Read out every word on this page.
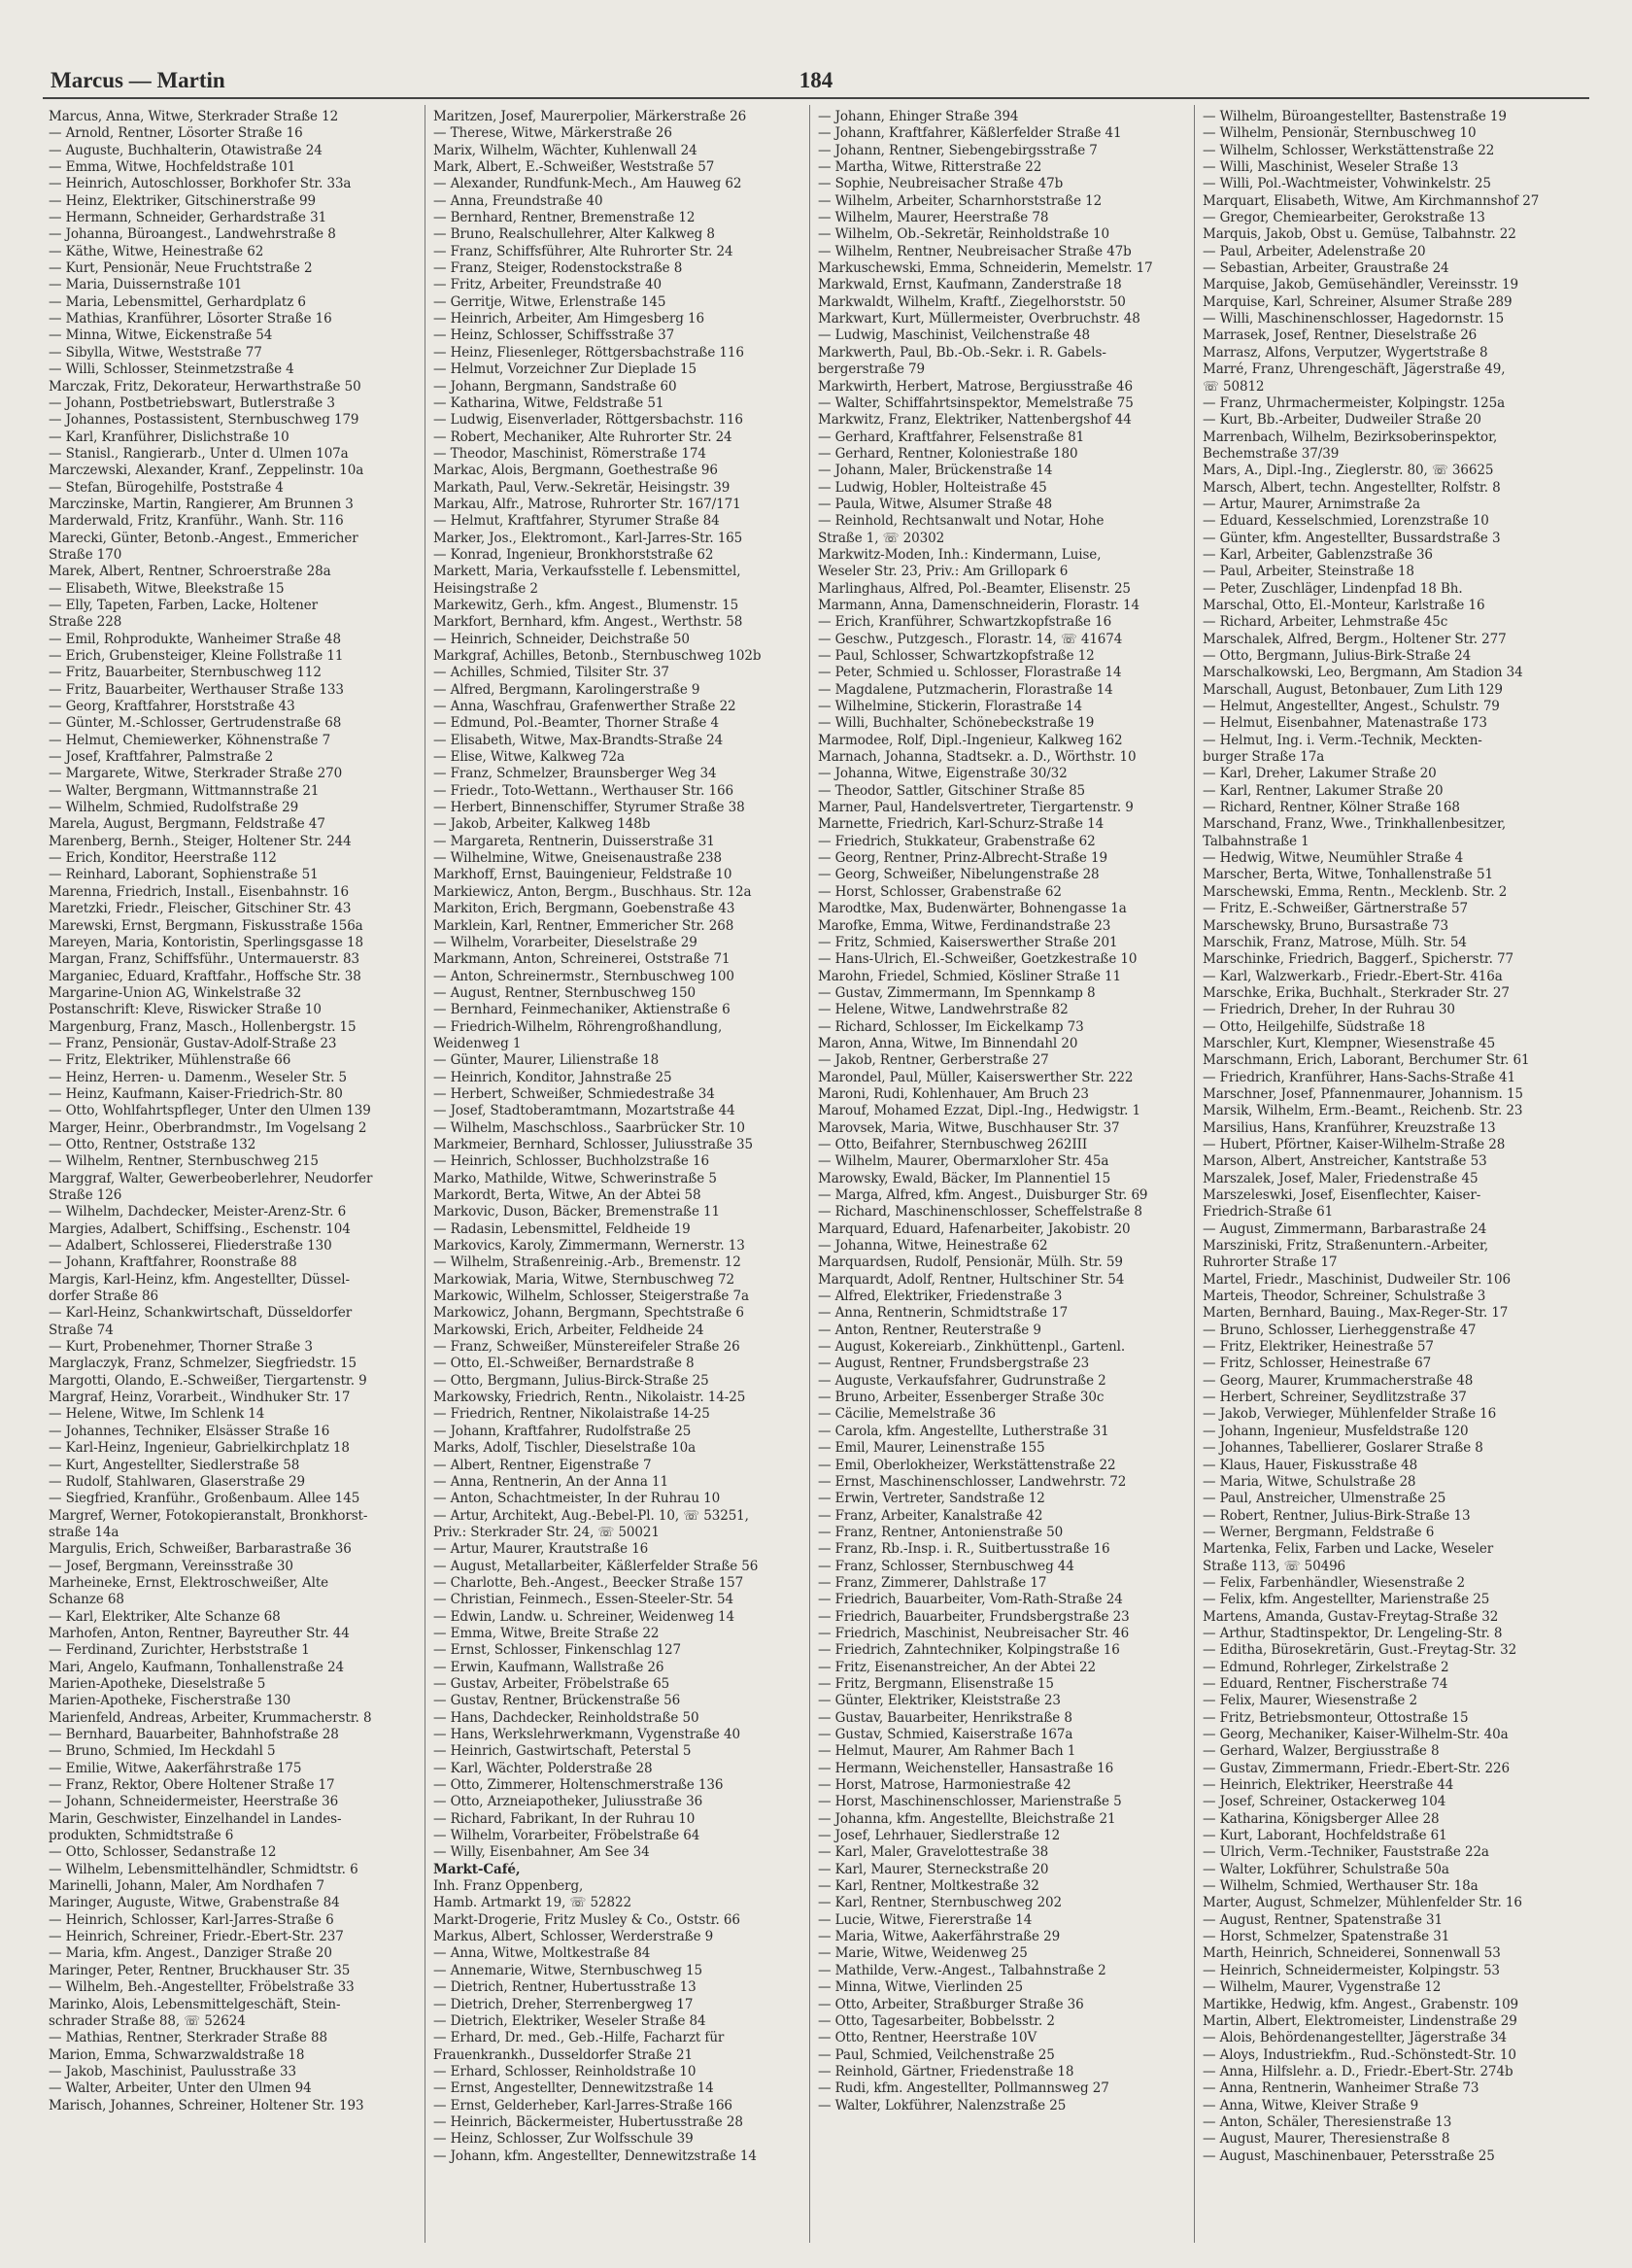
Marcus — Martin	184
Marcus, Anna, Witwe, Sterkrader Straße 12
— Arnold, Rentner, Lösorter Straße 16
— Auguste, Buchhalterin, Otawistraße 24
— Emma, Witwe, Hochfeldstraße 101
— Heinrich, Autoschlosser, Borkhofer Str. 33a
— Heinz, Elektriker, Gitschinerstraße 99
— Hermann, Schneider, Gerhardstraße 31
— Johanna, Büroangest., Landwehrstraße 8
— Käthe, Witwe, Heinestraße 62
— Kurt, Pensionär, Neue Fruchtstraße 2
— Maria, Duissernstraße 101
— Maria, Lebensmittel, Gerhardplatz 6
— Mathias, Kranführer, Lösorter Straße 16
— Minna, Witwe, Eickenstraße 54
— Sibylla, Witwe, Weststraße 77
— Willi, Schlosser, Steinmetzstraße 4
Marczak, Fritz, Dekorateur, Herwarthstraße 50
— Johann, Postbetriebswart, Butlerstraße 3
— Johannes, Postassistent, Sternbuschweg 179
— Karl, Kranführer, Dislichstraße 10
— Stanisl., Rangierarb., Unter d. Ulmen 107a
Marczewski, Alexander, Kranf., Zeppelinstr. 10a
— Stefan, Bürogehilfe, Poststraße 4
Marczinske, Martin, Rangierer, Am Brunnen 3
Marderwald, Fritz, Kranführ., Wanh. Str. 116
Marecki, Günter, Betonb.-Angest., Emmericher
Straße 170
Marek, Albert, Rentner, Schroerstraße 28a
— Elisabeth, Witwe, Bleekstraße 15
— Elly, Tapeten, Farben, Lacke, Holtener
Straße 228
— Emil, Rohprodukte, Wanheimer Straße 48
— Erich, Grubensteiger, Kleine Follstraße 11
— Fritz, Bauarbeiter, Sternbuschweg 112
— Fritz, Bauarbeiter, Werthauser Straße 133
— Georg, Kraftfahrer, Horststraße 43
— Günter, M.-Schlosser, Gertrudenstraße 68
— Helmut, Chemiewerker, Köhnenstraße 7
— Josef, Kraftfahrer, Palmstraße 2
— Margarete, Witwe, Sterkrader Straße 270
— Walter, Bergmann, Wittmannstraße 21
— Wilhelm, Schmied, Rudolfstraße 29
Marela, August, Bergmann, Feldstraße 47
Marenberg, Bernh., Steiger, Holtener Str. 244
— Erich, Konditor, Heerstraße 112
— Reinhard, Laborant, Sophienstraße 51
Marenna, Friedrich, Install., Eisenbahnstr. 16
Maretzki, Friedr., Fleischer, Gitschiner Str. 43
Marewski, Ernst, Bergmann, Fiskusstraße 156a
Mareyen, Maria, Kontoristin, Sperlingsgasse 18
Margan, Franz, Schiffsführ., Untermauerstr. 83
Marganiec, Eduard, Kraftfahr., Hoffsche Str. 38
Margarine-Union AG, Winkelstraße 32
Postanschrift: Kleve, Riswicker Straße 10
Margenburg, Franz, Masch., Hollenbergstr. 15
— Franz, Pensionär, Gustav-Adolf-Straße 23
— Fritz, Elektriker, Mühlenstraße 66
— Heinz, Herren- u. Damenm., Weseler Str. 5
— Heinz, Kaufmann, Kaiser-Friedrich-Str. 80
— Otto, Wohlfahrtspfleger, Unter den Ulmen 139
Marger, Heinr., Oberbrandmstr., Im Vogelsang 2
— Otto, Rentner, Oststraße 132
— Wilhelm, Rentner, Sternbuschweg 215
Marggraf, Walter, Gewerbeoberlehrer, Neudorfer
Straße 126
— Wilhelm, Dachdecker, Meister-Arenz-Str. 6
Margies, Adalbert, Schiffsing., Eschenstr. 104
— Adalbert, Schlosserei, Fliederstraße 130
— Johann, Kraftfahrer, Roonstraße 88
Margis, Karl-Heinz, kfm. Angestellter, Düssel-
dorfer Straße 86
— Karl-Heinz, Schankwirtschaft, Düsseldorfer
Straße 74
— Kurt, Probenehmer, Thorner Straße 3
Marglaczyk, Franz, Schmelzer, Siegfriedstr. 15
Margotti, Olando, E.-Schweißer, Tiergartenstr. 9
Margraf, Heinz, Vorarbeit., Windhuker Str. 17
— Helene, Witwe, Im Schlenk 14
— Johannes, Techniker, Elsässer Straße 16
— Karl-Heinz, Ingenieur, Gabrielkirchplatz 18
— Kurt, Angestellter, Siedlerstraße 58
— Rudolf, Stahlwaren, Glaserstraße 29
— Siegfried, Kranführ., Großenbaum. Allee 145
Margref, Werner, Fotokopieranstalt, Bronkhorst-
straße 14a
Margulis, Erich, Schweißer, Barbarastraße 36
— Josef, Bergmann, Vereinsstraße 30
Marheineke, Ernst, Elektroschweißer, Alte
Schanze 68
— Karl, Elektriker, Alte Schanze 68
Marhofen, Anton, Rentner, Bayreuther Str. 44
— Ferdinand, Zurichter, Herbststraße 1
Mari, Angelo, Kaufmann, Tonhallenstraße 24
Marien-Apotheke, Dieselstraße 5
Marien-Apotheke, Fischerstraße 130
Marienfeld, Andreas, Arbeiter, Krummacherstr. 8
— Bernhard, Bauarbeiter, Bahnhofstraße 28
— Bruno, Schmied, Im Heckdahl 5
— Emilie, Witwe, Aakerfährstraße 175
— Franz, Rektor, Obere Holtener Straße 17
— Johann, Schneidermeister, Heerstraße 36
Marin, Geschwister, Einzelhandel in Landes-
produkten, Schmidtstraße 6
— Otto, Schlosser, Sedanstraße 12
— Wilhelm, Lebensmittelhändler, Schmidtstr. 6
Marinelli, Johann, Maler, Am Nordhafen 7
Maringer, Auguste, Witwe, Grabenstraße 84
— Heinrich, Schlosser, Karl-Jarres-Straße 6
— Heinrich, Schreiner, Friedr.-Ebert-Str. 237
— Maria, kfm. Angest., Danziger Straße 20
Maringer, Peter, Rentner, Bruckhauser Str. 35
— Wilhelm, Beh.-Angestellter, Fröbelstraße 33
Marinko, Alois, Lebensmittelgeschäft, Stein-
schrader Straße 88, ☏ 52624
— Mathias, Rentner, Sterkrader Straße 88
Marion, Emma, Schwarzwaldstraße 18
— Jakob, Maschinist, Paulusstraße 33
— Walter, Arbeiter, Unter den Ulmen 94
Marisch, Johannes, Schreiner, Holtener Str. 193
Maritzen, Josef, Maurerpolier, Märkerstraße 26
— Therese, Witwe, Märkerstraße 26
Marix, Wilhelm, Wächter, Kuhlenwall 24
Mark, Albert, E.-Schweißer, Weststraße 57
— Alexander, Rundfunk-Mech., Am Hauweg 62
— Anna, Freundstraße 40
— Bernhard, Rentner, Bremenstraße 12
— Bruno, Realschullehrer, Alter Kalkweg 8
— Franz, Schiffsführer, Alte Ruhrorter Str. 24
— Franz, Steiger, Rodenstockstraße 8
— Fritz, Arbeiter, Freundstraße 40
— Gerritje, Witwe, Erlenstraße 145
— Heinrich, Arbeiter, Am Himgesberg 16
— Heinz, Schlosser, Schiffsstraße 37
— Heinz, Fliesenleger, Röttgersbachstraße 116
— Helmut, Vorzeichner Zur Dieplade 15
— Johann, Bergmann, Sandstraße 60
— Katharina, Witwe, Feldstraße 51
— Ludwig, Eisenverlader, Röttgersbachstr. 116
— Robert, Mechaniker, Alte Ruhrorter Str. 24
— Theodor, Maschinist, Römerstraße 174
Markac, Alois, Bergmann, Goethestraße 96
Markath, Paul, Verw.-Sekretär, Heisingstr. 39
Markau, Alfr., Matrose, Ruhrorter Str. 167/171
— Helmut, Kraftfahrer, Styrumer Straße 84
Marker, Jos., Elektromont., Karl-Jarres-Str. 165
— Konrad, Ingenieur, Bronkhorststraße 62
Markett, Maria, Verkaufsstelle f. Lebensmittel,
Heisingstraße 2
Markewitz, Gerh., kfm. Angest., Blumenstr. 15
Markfort, Bernhard, kfm. Angest., Werthstr. 58
— Heinrich, Schneider, Deichstraße 50
Markgraf, Achilles, Betonb., Sternbuschweg 102b
— Achilles, Schmied, Tilsiter Str. 37
— Alfred, Bergmann, Karolingerstraße 9
— Anna, Waschfrau, Grafenwerther Straße 22
— Edmund, Pol.-Beamter, Thorner Straße 4
— Elisabeth, Witwe, Max-Brandts-Straße 24
— Elise, Witwe, Kalkweg 72a
— Franz, Schmelzer, Braunsberger Weg 34
— Friedr., Toto-Wettann., Werthauser Str. 166
— Herbert, Binnenschiffer, Styrumer Straße 38
— Jakob, Arbeiter, Kalkweg 148b
— Margareta, Rentnerin, Duisserstraße 31
— Wilhelmine, Witwe, Gneisenaustraße 238
Markhoff, Ernst, Bauingenieur, Feldstraße 10
Markiewicz, Anton, Bergm., Buschhaus. Str. 12a
Markiton, Erich, Bergmann, Goebenstraße 43
Marklein, Karl, Rentner, Emmericher Str. 268
— Wilhelm, Vorarbeiter, Dieselstraße 29
Markmann, Anton, Schreinerei, Oststraße 71
— Anton, Schreinermstr., Sternbuschweg 100
— August, Rentner, Sternbuschweg 150
— Bernhard, Feinmechaniker, Aktienstraße 6
— Friedrich-Wilhelm, Röhrengroßhandlung,
Weidenweg 1
— Günter, Maurer, Lilienstraße 18
— Heinrich, Konditor, Jahnstraße 25
— Herbert, Schweißer, Schmiedestraße 34
— Josef, Stadtoberamtmann, Mozartstraße 44
— Wilhelm, Maschschloss., Saarbrücker Str. 10
Markmeier, Bernhard, Schlosser, Juliusstraße 35
— Heinrich, Schlosser, Buchholzstraße 16
Marko, Mathilde, Witwe, Schwerinstraße 5
Markordt, Berta, Witwe, An der Abtei 58
Markovic, Duson, Bäcker, Bremenstraße 11
— Radasin, Lebensmittel, Feldheide 19
Markovics, Karoly, Zimmermann, Wernerstr. 13
— Wilhelm, Straßenreinig.-Arb., Bremenstr. 12
Markowiak, Maria, Witwe, Sternbuschweg 72
Markowic, Wilhelm, Schlosser, Steigerstraße 7a
Markowicz, Johann, Bergmann, Spechtstraße 6
Markowski, Erich, Arbeiter, Feldheide 24
— Franz, Schweißer, Münstereifeler Straße 26
— Otto, El.-Schweißer, Bernardstraße 8
— Otto, Bergmann, Julius-Birck-Straße 25
Markowsky, Friedrich, Rentn., Nikolaistr. 14-25
— Friedrich, Rentner, Nikolaistraße 14-25
— Johann, Kraftfahrer, Rudolfstraße 25
Marks, Adolf, Tischler, Dieselstraße 10a
— Albert, Rentner, Eigenstraße 7
— Anna, Rentnerin, An der Anna 11
— Anton, Schachtmeister, In der Ruhrau 10
— Artur, Architekt, Aug.-Bebel-Pl. 10, ☏ 53251,
Priv.: Sterkrader Str. 24, ☏ 50021
— Artur, Maurer, Krautstraße 16
— August, Metallarbeiter, Käßlerfelder Straße 56
— Charlotte, Beh.-Angest., Beecker Straße 157
— Christian, Feinmech., Essen-Steeler-Str. 54
— Edwin, Landw. u. Schreiner, Weidenweg 14
— Emma, Witwe, Breite Straße 22
— Ernst, Schlosser, Finkenschlag 127
— Erwin, Kaufmann, Wallstraße 26
— Gustav, Arbeiter, Fröbelstraße 65
— Gustav, Rentner, Brückenstraße 56
— Hans, Dachdecker, Reinholdstraße 50
— Hans, Werkslehrwerkmann, Vygenstraße 40
— Heinrich, Gastwirtschaft, Peterstal 5
— Karl, Wächter, Polderstraße 28
— Otto, Zimmerer, Holtenschmerstraße 136
— Otto, Arzneiapotheker, Juliusstraße 36
— Richard, Fabrikant, In der Ruhrau 10
— Wilhelm, Vorarbeiter, Fröbelstraße 64
— Willy, Eisenbahner, Am See 34
Markt-Café,
Inh. Franz Oppenberg,
Hamb. Artmarkt 19, ☏ 52822
Markt-Drogerie, Fritz Musley & Co., Oststr. 66
Markus, Albert, Schlosser, Werderstraße 9
— Anna, Witwe, Moltkestraße 84
— Annemarie, Witwe, Sternbuschweg 15
— Dietrich, Rentner, Hubertusstraße 13
— Dietrich, Dreher, Sterrenbergweg 17
— Dietrich, Elektriker, Weseler Straße 84
— Erhard, Dr. med., Geb.-Hilfe, Facharzt für
Frauenkrankh., Dusseldorfer Straße 21
— Erhard, Schlosser, Reinholdstraße 10
— Ernst, Angestellter, Dennewitzstraße 14
— Ernst, Gelderheber, Karl-Jarres-Straße 166
— Heinrich, Bäckermeister, Hubertusstraße 28
— Heinz, Schlosser, Zur Wolfsschule 39
— Johann, kfm. Angestellter, Dennewitzstraße 14
— Johann, Ehinger Straße 394
— Johann, Kraftfahrer, Käßlerfelder Straße 41
— Johann, Rentner, Siebengebirgsstraße 7
— Martha, Witwe, Ritterstraße 22
— Sophie, Neubreisacher Straße 47b
— Wilhelm, Arbeiter, Scharnhorststraße 12
— Wilhelm, Maurer, Heerstraße 78
— Wilhelm, Ob.-Sekretär, Reinholdstraße 10
— Wilhelm, Rentner, Neubreisacher Straße 47b
Markuschewski, Emma, Schneiderin, Memelstr. 17
Markwald, Ernst, Kaufmann, Zanderstraße 18
Markwaldt, Wilhelm, Kraftf., Ziegelhorststr. 50
Markwart, Kurt, Müllermeister, Overbruchstr. 48
— Ludwig, Maschinist, Veilchenstraße 48
Markwerth, Paul, Bb.-Ob.-Sekr. i. R. Gabels-
bergerstraße 79
Markwirth, Herbert, Matrose, Bergiusstraße 46
— Walter, Schiffahrtsinspektor, Memelstraße 75
Markwitz, Franz, Elektriker, Nattenbergshof 44
— Gerhard, Kraftfahrer, Felsenstraße 81
— Gerhard, Rentner, Koloniestraße 180
— Johann, Maler, Brückenstraße 14
— Ludwig, Hobler, Holteistraße 45
— Paula, Witwe, Alsumer Straße 48
— Reinhold, Rechtsanwalt und Notar, Hohe
Straße 1, ☏ 20302
Markwitz-Moden, Inh.: Kindermann, Luise,
Weseler Str. 23, Priv.: Am Grillopark 6
Marlinghaus, Alfred, Pol.-Beamter, Elisenstr. 25
Marmann, Anna, Damenschneiderin, Florastr. 14
— Erich, Kranführer, Schwartzkopfstraße 16
— Geschw., Putzgesch., Florastr. 14, ☏ 41674
— Paul, Schlosser, Schwartzkopfstraße 12
— Peter, Schmied u. Schlosser, Florastraße 14
— Magdalene, Putzmacherin, Florastraße 14
— Wilhelmine, Stickerin, Florastraße 14
— Willi, Buchhalter, Schönebeckstraße 19
Marmodee, Rolf, Dipl.-Ingenieur, Kalkweg 162
Marnach, Johanna, Stadtsekr. a. D., Wörthstr. 10
— Johanna, Witwe, Eigenstraße 30/32
— Theodor, Sattler, Gitschiner Straße 85
Marner, Paul, Handelsvertreter, Tiergartenstr. 9
Marnette, Friedrich, Karl-Schurz-Straße 14
— Friedrich, Stukkateur, Grabenstraße 62
— Georg, Rentner, Prinz-Albrecht-Straße 19
— Georg, Schweißer, Nibelungenstraße 28
— Horst, Schlosser, Grabenstraße 62
Marodtke, Max, Budenwärter, Bohnengasse 1a
Marofke, Emma, Witwe, Ferdinandstraße 23
— Fritz, Schmied, Kaiserswerther Straße 201
— Hans-Ulrich, El.-Schweißer, Goetzkestraße 10
Marohn, Friedel, Schmied, Kösliner Straße 11
— Gustav, Zimmermann, Im Spennkamp 8
— Helene, Witwe, Landwehrstraße 82
— Richard, Schlosser, Im Eickelkamp 73
Maron, Anna, Witwe, Im Binnendahl 20
— Jakob, Rentner, Gerberstraße 27
Marondel, Paul, Müller, Kaiserswerther Str. 222
Maroni, Rudi, Kohlenhauer, Am Bruch 23
Marouf, Mohamed Ezzat, Dipl.-Ing., Hedwigstr. 1
Marovsek, Maria, Witwe, Buschhauser Str. 37
— Otto, Beifahrer, Sternbuschweg 262III
— Wilhelm, Maurer, Obermarxloher Str. 45a
Marowsky, Ewald, Bäcker, Im Plannentiel 15
— Marga, Alfred, kfm. Angest., Duisburger Str. 69
— Richard, Maschinenschlosser, Scheffelstraße 8
Marquard, Eduard, Hafenarbeiter, Jakobistr. 20
— Johanna, Witwe, Heinestraße 62
Marquardsen, Rudolf, Pensionär, Mülh. Str. 59
Marquardt, Adolf, Rentner, Hultschiner Str. 54
— Alfred, Elektriker, Friedenstraße 3
— Anna, Rentnerin, Schmidtstraße 17
— Anton, Rentner, Reuterstraße 9
— August, Kokereiarb., Zinkhüttenpl., Gartenl.
— August, Rentner, Frundsbergstraße 23
— Auguste, Verkaufsfahrer, Gudrunstraße 2
— Bruno, Arbeiter, Essenberger Straße 30c
— Cäcilie, Memelstraße 36
— Carola, kfm. Angestellte, Lutherstraße 31
— Emil, Maurer, Leinenstraße 155
— Emil, Oberlokheizer, Werkstättenstraße 22
— Ernst, Maschinenschlosser, Landwehrstr. 72
— Erwin, Vertreter, Sandstraße 12
— Franz, Arbeiter, Kanalstraße 42
— Franz, Rentner, Antonienstraße 50
— Franz, Rb.-Insp. i. R., Suitbertusstraße 16
— Franz, Schlosser, Sternbuschweg 44
— Franz, Zimmerer, Dahlstraße 17
— Friedrich, Bauarbeiter, Vom-Rath-Straße 24
— Friedrich, Bauarbeiter, Frundsbergstraße 23
— Friedrich, Maschinist, Neubreisacher Str. 46
— Friedrich, Zahntechniker, Kolpingstraße 16
— Fritz, Eisenanstreicher, An der Abtei 22
— Fritz, Bergmann, Elisenstraße 15
— Günter, Elektriker, Kleiststraße 23
— Gustav, Bauarbeiter, Henrikstraße 8
— Gustav, Schmied, Kaiserstraße 167a
— Helmut, Maurer, Am Rahmer Bach 1
— Hermann, Weichensteller, Hansastraße 16
— Horst, Matrose, Harmoniestraße 42
— Horst, Maschinenschlosser, Marienstraße 5
— Johanna, kfm. Angestellte, Bleichstraße 21
— Josef, Lehrhauer, Siedlerstraße 12
— Karl, Maler, Gravelottestraße 38
— Karl, Maurer, Sterneckstraße 20
— Karl, Rentner, Moltkestraße 32
— Karl, Rentner, Sternbuschweg 202
— Lucie, Witwe, Fiererstraße 14
— Maria, Witwe, Aakerfährstraße 29
— Marie, Witwe, Weidenweg 25
— Mathilde, Verw.-Angest., Talbahnstraße 2
— Minna, Witwe, Vierlinden 25
— Otto, Arbeiter, Straßburger Straße 36
— Otto, Tagesarbeiter, Bobbelsstr. 2
— Otto, Rentner, Heerstraße 10V
— Paul, Schmied, Veilchenstraße 25
— Reinhold, Gärtner, Friedenstraße 18
— Rudi, kfm. Angestellter, Pollmannsweg 27
— Walter, Lokführer, Nalenzstraße 25
— Wilhelm, Büroangestellter, Bastenstraße 19
— Wilhelm, Pensionär, Sternbuschweg 10
— Wilhelm, Schlosser, Werkstättenstraße 22
— Willi, Maschinist, Weseler Straße 13
— Willi, Pol.-Wachtmeister, Vohwinkelstr. 25
Marquart, Elisabeth, Witwe, Am Kirchmannshof 27
— Gregor, Chemiearbeiter, Gerokstraße 13
Marquis, Jakob, Obst u. Gemüse, Talbahnstr. 22
— Paul, Arbeiter, Adelenstraße 20
— Sebastian, Arbeiter, Graustraße 24
Marquise, Jakob, Gemüsehändler, Vereinsstr. 19
Marquise, Karl, Schreiner, Alsumer Straße 289
— Willi, Maschinenschlosser, Hagedornstr. 15
Marrasek, Josef, Rentner, Dieselstraße 26
Marrasz, Alfons, Verputzer, Wygertstraße 8
Marré, Franz, Uhrengeschäft, Jägerstraße 49,
☏ 50812
— Franz, Uhrmachermeister, Kolpingstr. 125a
— Kurt, Bb.-Arbeiter, Dudweiler Straße 20
Marrenbach, Wilhelm, Bezirksoberinspektor,
Bechemstraße 37/39
Mars, A., Dipl.-Ing., Zieglerstr. 80, ☏ 36625
Marsch, Albert, techn. Angestellter, Rolfstr. 8
— Artur, Maurer, Arnimstraße 2a
— Eduard, Kesselschmied, Lorenzstraße 10
— Günter, kfm. Angestellter, Bussardstraße 3
— Karl, Arbeiter, Gablenzstraße 36
— Paul, Arbeiter, Steinstraße 18
— Peter, Zuschläger, Lindenpfad 18 Bh.
Marschal, Otto, El.-Monteur, Karlstraße 16
— Richard, Arbeiter, Lehmstraße 45c
Marschalek, Alfred, Bergm., Holtener Str. 277
— Otto, Bergmann, Julius-Birk-Straße 24
Marschalkowski, Leo, Bergmann, Am Stadion 34
Marschall, August, Betonbauer, Zum Lith 129
— Helmut, Angestellter, Angest., Schulstr. 79
— Helmut, Eisenbahner, Matenastraße 173
— Helmut, Ing. i. Verm.-Technik, Meckten-
burger Straße 17a
— Karl, Dreher, Lakumer Straße 20
— Karl, Rentner, Lakumer Straße 20
— Richard, Rentner, Kölner Straße 168
Marschand, Franz, Wwe., Trinkhallenbesitzer,
Talbahnstraße 1
— Hedwig, Witwe, Neumühler Straße 4
Marscher, Berta, Witwe, Tonhallenstraße 51
Marschewski, Emma, Rentn., Mecklenb. Str. 2
— Fritz, E.-Schweißer, Gärtnerstraße 57
Marschewsky, Bruno, Bursastraße 73
Marschik, Franz, Matrose, Mülh. Str. 54
Marschinke, Friedrich, Baggerf., Spicherstr. 77
— Karl, Walzwerkarb., Friedr.-Ebert-Str. 416a
Marschke, Erika, Buchhalt., Sterkrader Str. 27
— Friedrich, Dreher, In der Ruhrau 30
— Otto, Heilgehilfe, Südstraße 18
Marschler, Kurt, Klempner, Wiesenstraße 45
Marschmann, Erich, Laborant, Berchumer Str. 61
— Friedrich, Kranführer, Hans-Sachs-Straße 41
Marschner, Josef, Pfannenmaurer, Johannism. 15
Marsik, Wilhelm, Erm.-Beamt., Reichenb. Str. 23
Marsilius, Hans, Kranführer, Kreuzstraße 13
— Hubert, Pförtner, Kaiser-Wilhelm-Straße 28
Marson, Albert, Anstreicher, Kantstraße 53
Marszalek, Josef, Maler, Friedenstraße 45
Marszeleswki, Josef, Eisenflechter, Kaiser-
Friedrich-Straße 61
— August, Zimmermann, Barbarastraße 24
Marsziniski, Fritz, Straßenuntern.-Arbeiter,
Ruhrorter Straße 17
Martel, Friedr., Maschinist, Dudweiler Str. 106
Marteis, Theodor, Schreiner, Schulstraße 3
Marten, Bernhard, Bauing., Max-Reger-Str. 17
— Bruno, Schlosser, Lierheggenstraße 47
— Fritz, Elektriker, Heinestraße 57
— Fritz, Schlosser, Heinestraße 67
— Georg, Maurer, Krummacherstraße 48
— Herbert, Schreiner, Seydlitzstraße 37
— Jakob, Verwieger, Mühlenfelder Straße 16
— Johann, Ingenieur, Musfeldstraße 120
— Johannes, Tabellierer, Goslarer Straße 8
— Klaus, Hauer, Fiskusstraße 48
— Maria, Witwe, Schulstraße 28
— Paul, Anstreicher, Ulmenstraße 25
— Robert, Rentner, Julius-Birk-Straße 13
— Werner, Bergmann, Feldstraße 6
Martenka, Felix, Farben und Lacke, Weseler
Straße 113, ☏ 50496
— Felix, Farbenhändler, Wiesenstraße 2
— Felix, kfm. Angestellter, Marienstraße 25
Martens, Amanda, Gustav-Freytag-Straße 32
— Arthur, Stadtinspektor, Dr. Lengeling-Str. 8
— Editha, Bürosekretärin, Gust.-Freytag-Str. 32
— Edmund, Rohrleger, Zirkelstraße 2
— Eduard, Rentner, Fischerstraße 74
— Felix, Maurer, Wiesenstraße 2
— Fritz, Betriebsmonteur, Ottostraße 15
— Georg, Mechaniker, Kaiser-Wilhelm-Str. 40a
— Gerhard, Walzer, Bergiusstraße 8
— Gustav, Zimmermann, Friedr.-Ebert-Str. 226
— Heinrich, Elektriker, Heerstraße 44
— Josef, Schreiner, Ostackerweg 104
— Katharina, Königsberger Allee 28
— Kurt, Laborant, Hochfeldstraße 61
— Ulrich, Verm.-Techniker, Fauststraße 22a
— Walter, Lokführer, Schulstraße 50a
— Wilhelm, Schmied, Werthauser Str. 18a
Marter, August, Schmelzer, Mühlenfelder Str. 16
— August, Rentner, Spatenstraße 31
— Horst, Schmelzer, Spatenstraße 31
Marth, Heinrich, Schneiderei, Sonnenwall 53
— Heinrich, Schneidermeister, Kolpingstr. 53
— Wilhelm, Maurer, Vygenstraße 12
Martikke, Hedwig, kfm. Angest., Grabenstr. 109
Martin, Albert, Elektromeister, Lindenstraße 29
— Alois, Behördenangestellter, Jägerstraße 34
— Aloys, Industriekfm., Rud.-Schönstedt-Str. 10
— Anna, Hilfslehr. a. D., Friedr.-Ebert-Str. 274b
— Anna, Rentnerin, Wanheimer Straße 73
— Anna, Witwe, Kleiver Straße 9
— Anton, Schäler, Theresienstraße 13
— August, Maurer, Theresienstraße 8
— August, Maschinenbauer, Petersstraße 25
